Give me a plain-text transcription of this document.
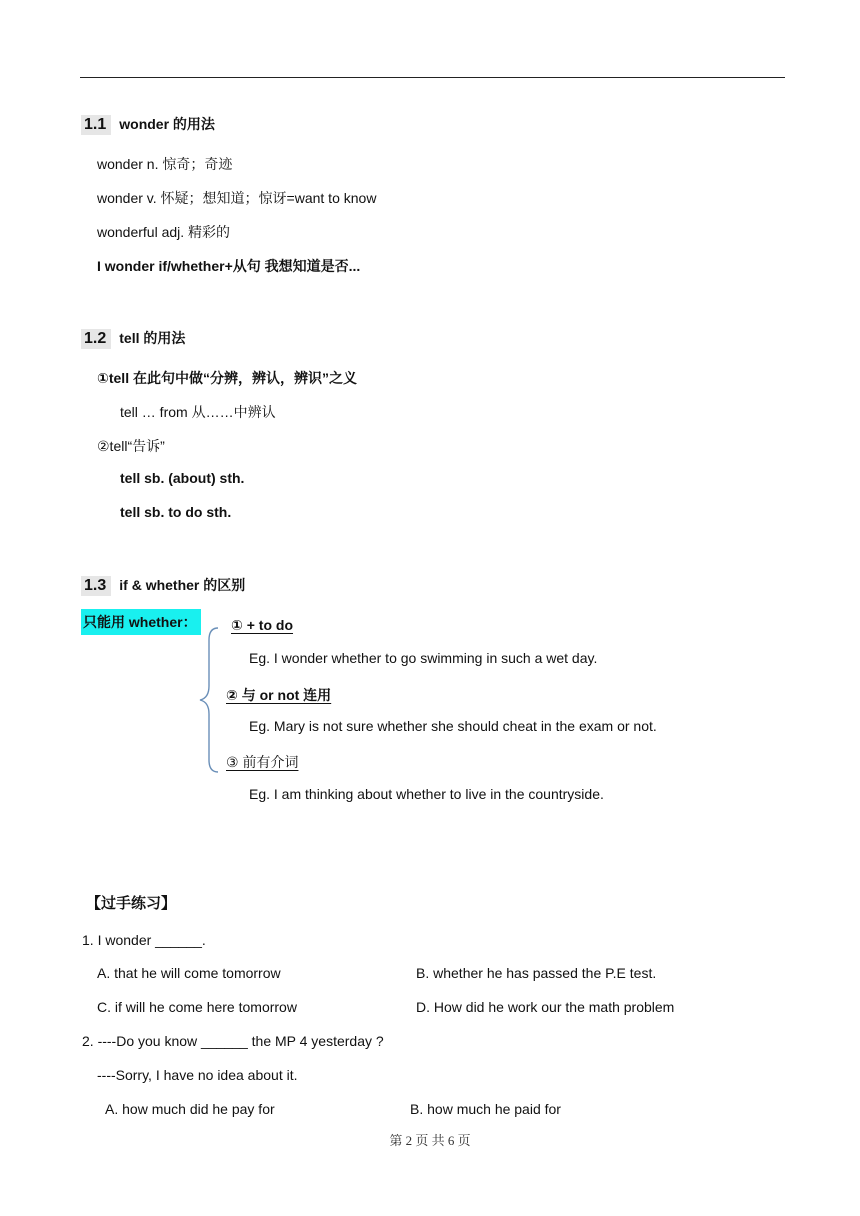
1.1 wonder 的用法
wonder n. 惊奇；奇迹
wonder v. 怀疑；想知道；惊讶=want to know
wonderful adj. 精彩的
I wonder if/whether+从句 我想知道是否...
1.2 tell 的用法
①tell 在此句中做“分辨，辨认，辨识”之义
tell … from 从……中辨认
②tell“告诉”
tell sb. (about) sth.
tell sb. to do sth.
1.3 if & whether 的区别
只能用 whether： ① + to do
Eg. I wonder whether to go swimming in such a wet day.
② 与 or not 连用
Eg. Mary is not sure whether she should cheat in the exam or not.
③ 前有介词
Eg. I am thinking about whether to live in the countryside.
【过手练习】
1. I wonder ______.
A. that he will come tomorrow	B. whether he has passed the P.E test.
C. if will he come here tomorrow	D. How did he work our the math problem
2. ----Do you know ______ the MP 4 yesterday ?
----Sorry, I have no idea about it.
A. how much did he pay for	B. how much he paid for
第 2 页 共 6 页
